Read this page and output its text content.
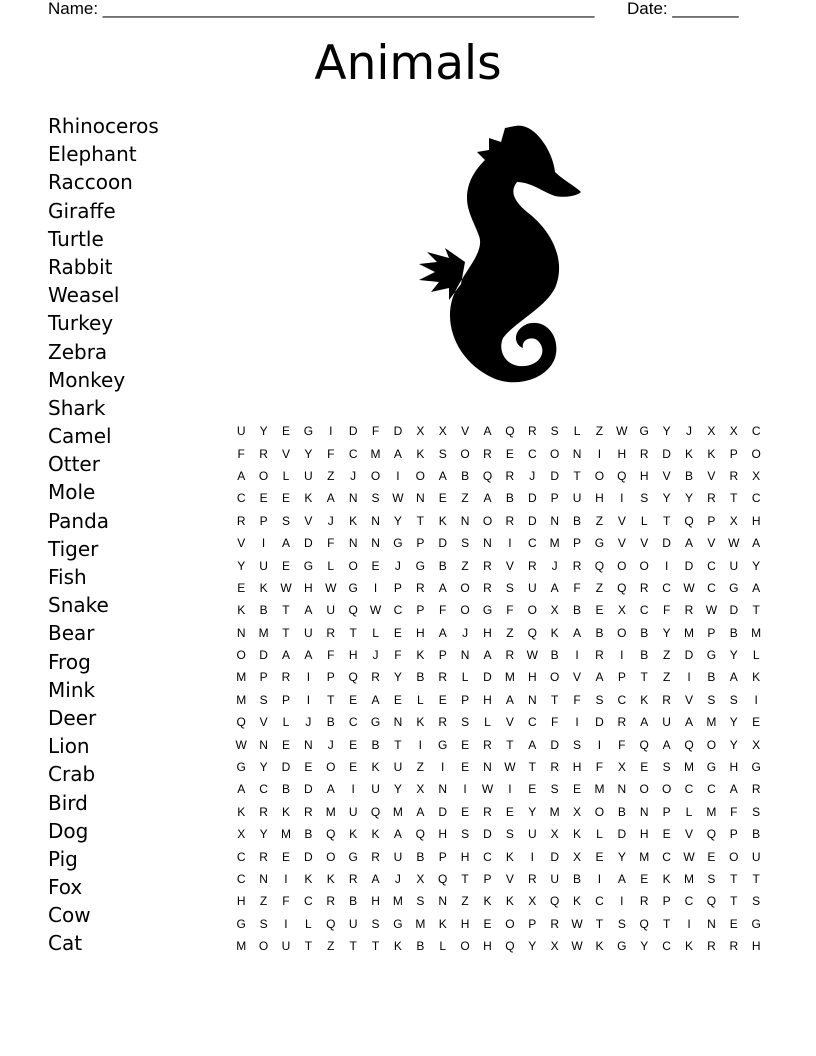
Name: ____________________________________________________ Date: _______
Animals
Rhinoceros
Elephant
Raccoon
Giraffe
Turtle
Rabbit
Weasel
Turkey
Zebra
Monkey
Shark
Camel
Otter
Mole
Panda
Tiger
Fish
Snake
Bear
Frog
Mink
Deer
Lion
Crab
Bird
Dog
Pig
Fox
Cow
Cat
U	Y	E	G	I	D	F	D	X	X	V	A	Q	R	S	L	Z	W	G	Y	J	X	X	C
F	R	V	Y	F	C	M	A	K	S	O	R	E	C	O	N	I	H	R	D	K	K	P	O
A	O	L	U	Z	J	O	I	O	A	B	Q	R	J	D	T	O	Q	H	V	B	V	R	X
C	E	E	K	A	N	S	W	N	E	Z	A	B	D	P	U	H	I	S	Y	Y	R	T	C
R	P	S	V	J	K	N	Y	T	K	N	O	R	D	N	B	Z	V	L	T	Q	P	X	H
V	I	A	D	F	N	N	G	P	D	S	N	I	C	M	P	G	V	V	D	A	V	W	A
Y	U	E	G	L	O	E	J	G	B	Z	R	V	R	J	R	Q	O	O	I	D	C	U	Y
E	K	W	H	W	G	I	P	R	A	O	R	S	U	A	F	Z	Q	R	C	W	C	G	A
K	B	T	A	U	Q	W	C	P	F	O	G	F	O	X	B	E	X	C	F	R	W	D	T
N	M	T	U	R	T	L	E	H	A	J	H	Z	Q	K	A	B	O	B	Y	M	P	B	M
O	D	A	A	F	H	J	F	K	P	N	A	R	W	B	I	R	I	B	Z	D	G	Y	L
M	P	R	I	P	Q	R	Y	B	R	L	D	M	H	O	V	A	P	T	Z	I	B	A	K
M	S	P	I	T	E	A	E	L	E	P	H	A	N	T	F	S	C	K	R	V	S	S	I
Q	V	L	J	B	C	G	N	K	R	S	L	V	C	F	I	D	R	A	U	A	M	Y	E
W	N	E	N	J	E	B	T	I	G	E	R	T	A	D	S	I	F	Q	A	Q	O	Y	X
G	Y	D	E	O	E	K	U	Z	I	E	N	W	T	R	H	F	X	E	S	M	G	H	G
A	C	B	D	A	I	U	Y	X	N	I	W	I	E	S	E	M	N	O	O	C	C	A	R
K	R	K	R	M	U	Q	M	A	D	E	R	E	Y	M	X	O	B	N	P	L	M	F	S
X	Y	M	B	Q	K	K	A	Q	H	S	D	S	U	X	K	L	D	H	E	V	Q	P	B
C	R	E	D	O	G	R	U	B	P	H	C	K	I	D	X	E	Y	M	C	W	E	O	U
C	N	I	K	K	R	A	J	X	Q	T	P	V	R	U	B	I	A	E	K	M	S	T	T
H	Z	F	C	R	B	H	M	S	N	Z	K	K	X	Q	K	C	I	R	P	C	Q	T	S
G	S	I	L	Q	U	S	G	M	K	H	E	O	P	R	W	T	S	Q	T	I	N	E	G
M	O	U	T	Z	T	T	K	B	L	O	H	Q	Y	X	W	K	G	Y	C	K	R	R	H
